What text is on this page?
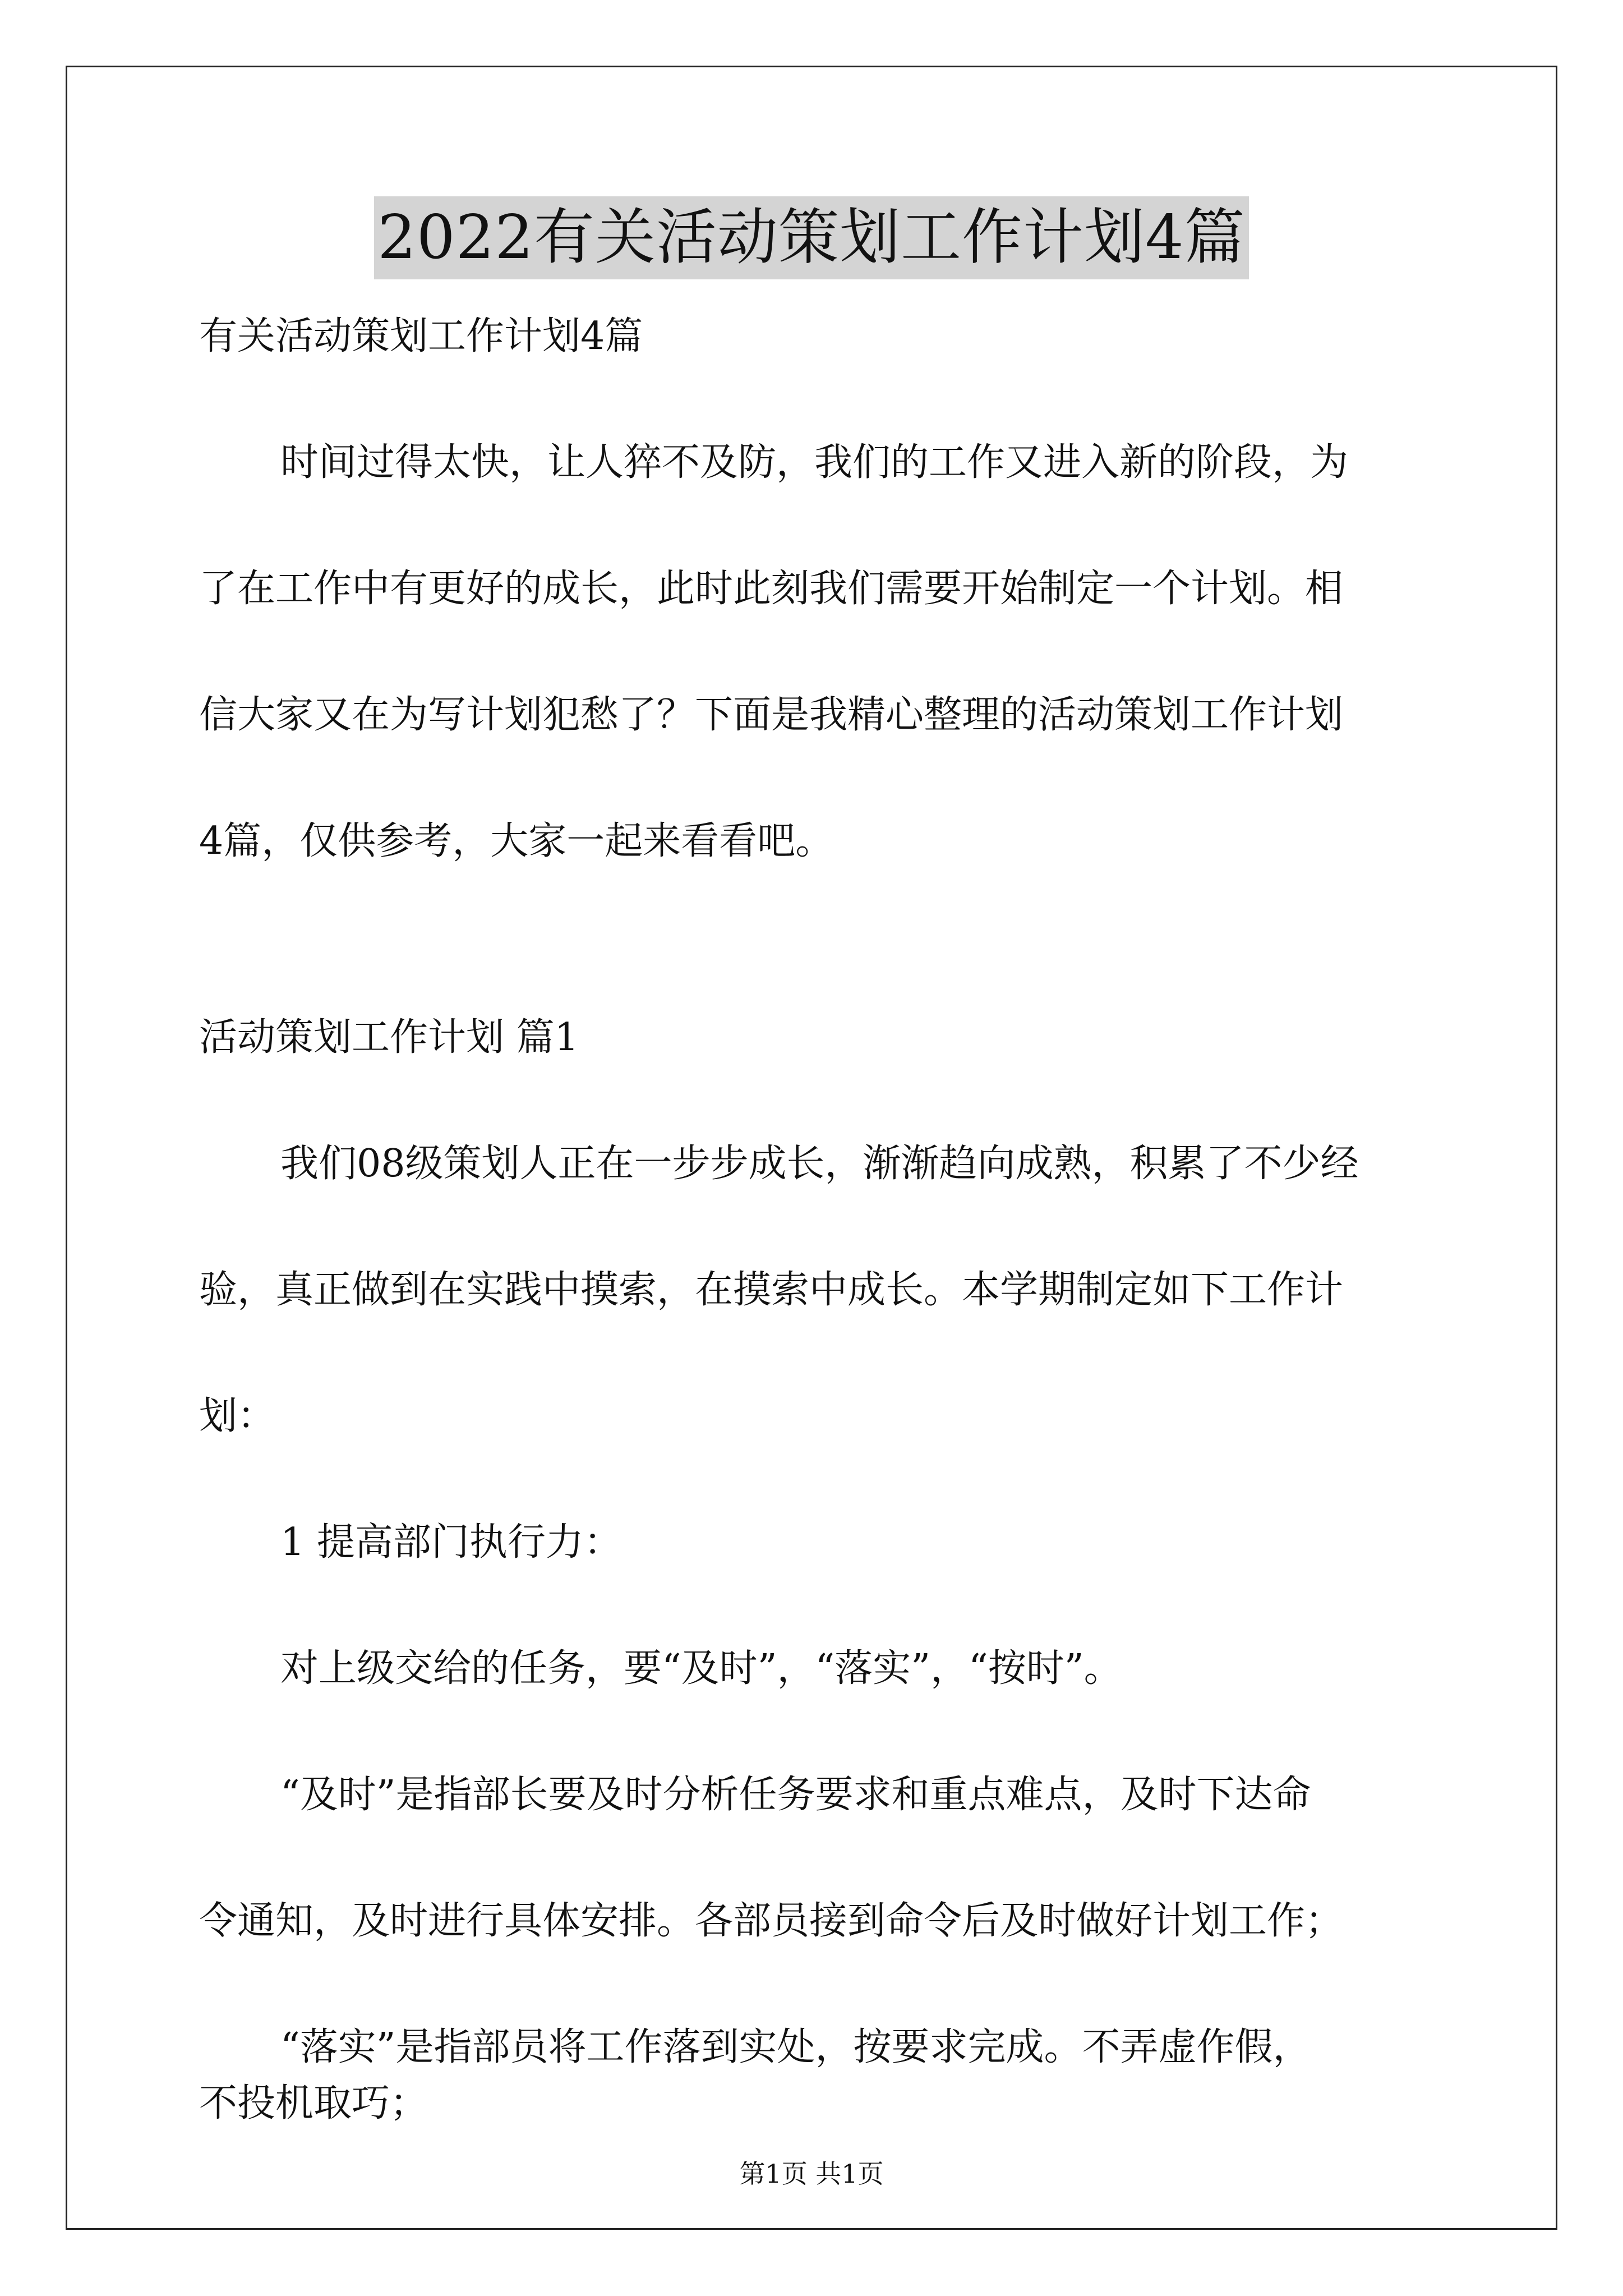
2022有关活动策划工作计划4篇
有关活动策划工作计划4篇
时间过得太快，让人猝不及防，我们的工作又进入新的阶段，为
了在工作中有更好的成长，此时此刻我们需要开始制定一个计划。相
信大家又在为写计划犯愁了？下面是我精心整理的活动策划工作计划
4篇，仅供参考，大家一起来看看吧。
活动策划工作计划 篇1
我们08级策划人正在一步步成长，渐渐趋向成熟，积累了不少经
验，真正做到在实践中摸索，在摸索中成长。本学期制定如下工作计
划：
1 提高部门执行力：
对上级交给的任务，要“及时”，“落实”，“按时”。
“及时”是指部长要及时分析任务要求和重点难点，及时下达命
令通知，及时进行具体安排。各部员接到命令后及时做好计划工作；
“落实”是指部员将工作落到实处，按要求完成。不弄虚作假，
不投机取巧；
第1页 共1页
